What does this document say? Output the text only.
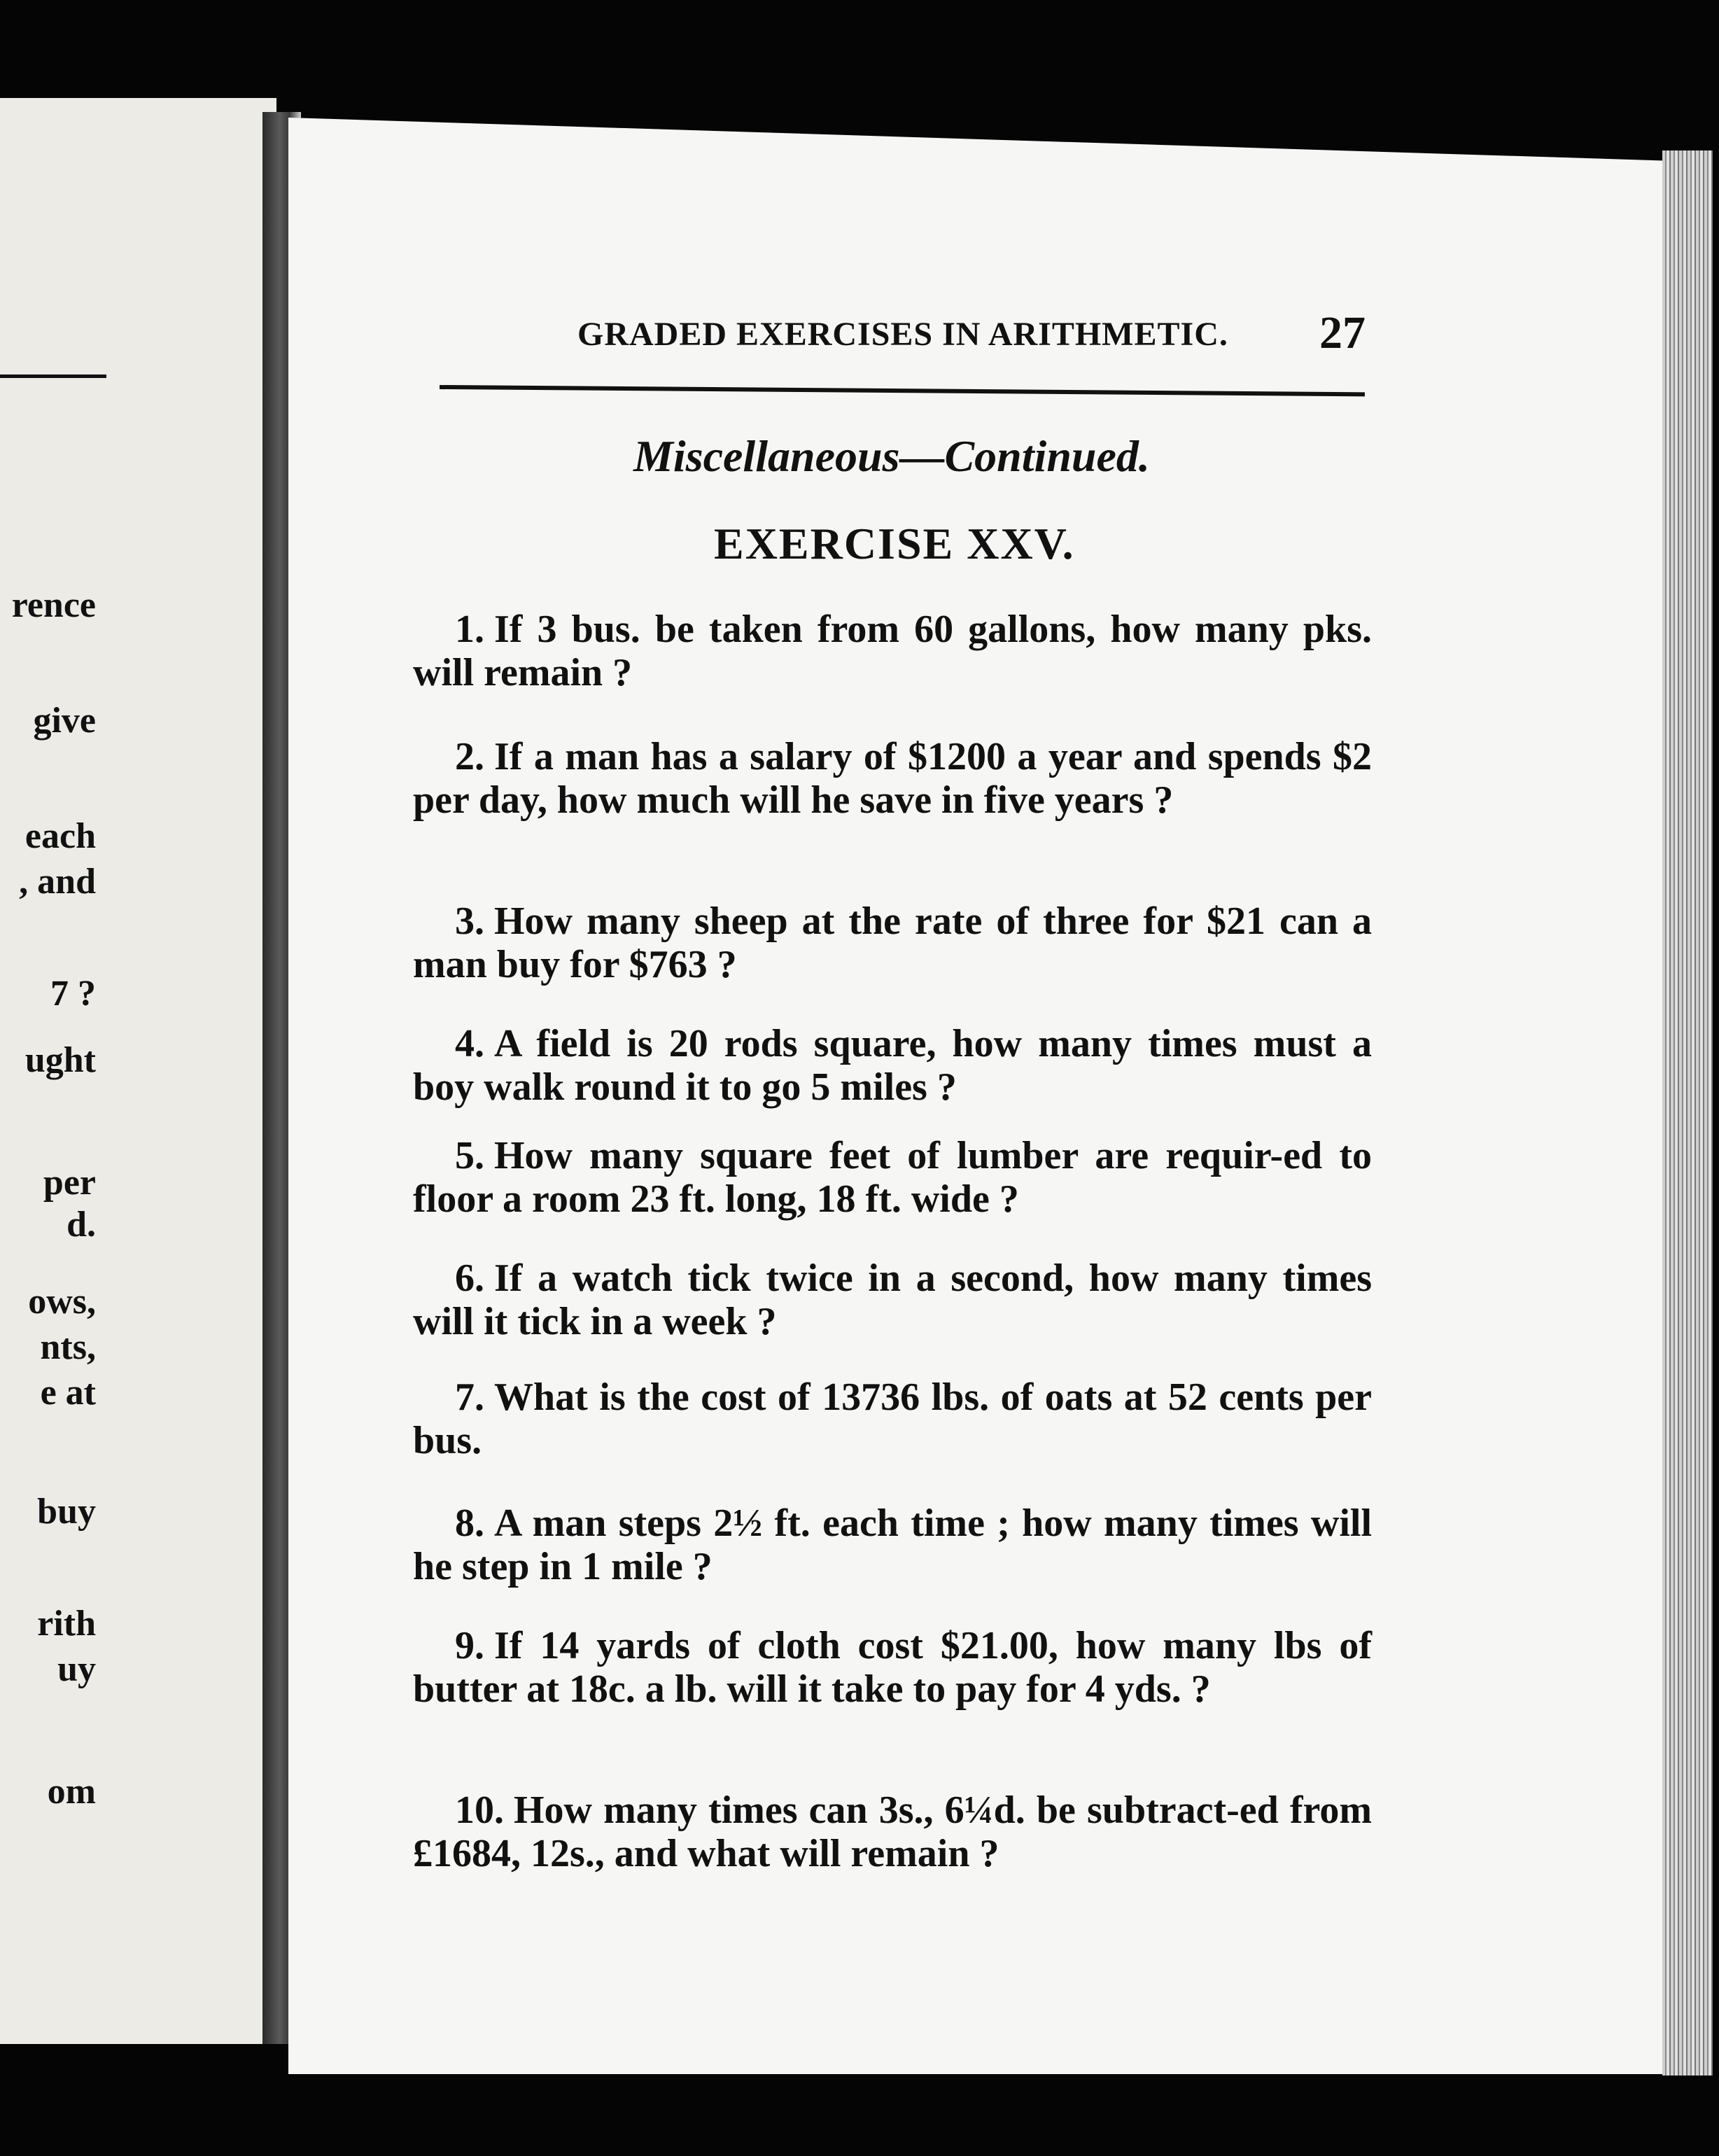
rence
give
each
, and
7 ?
ught
per
d.
ows,
nts,
e at
buy
rith
uy
om
GRADED EXERCISES IN ARITHMETIC. 27
Miscellaneous—Continued.
EXERCISE XXV.
1. If 3 bus. be taken from 60 gallons, how many pks. will remain ?
2. If a man has a salary of $1200 a year and spends $2 per day, how much will he save in five years ?
3. How many sheep at the rate of three for $21 can a man buy for $763 ?
4. A field is 20 rods square, how many times must a boy walk round it to go 5 miles ?
5. How many square feet of lumber are requir-ed to floor a room 23 ft. long, 18 ft. wide ?
6. If a watch tick twice in a second, how many times will it tick in a week ?
7. What is the cost of 13736 lbs. of oats at 52 cents per bus.
8. A man steps 2½ ft. each time ; how many times will he step in 1 mile ?
9. If 14 yards of cloth cost $21.00, how many lbs of butter at 18c. a lb. will it take to pay for 4 yds. ?
10. How many times can 3s., 6¼d. be subtract-ed from £1684, 12s., and what will remain ?
